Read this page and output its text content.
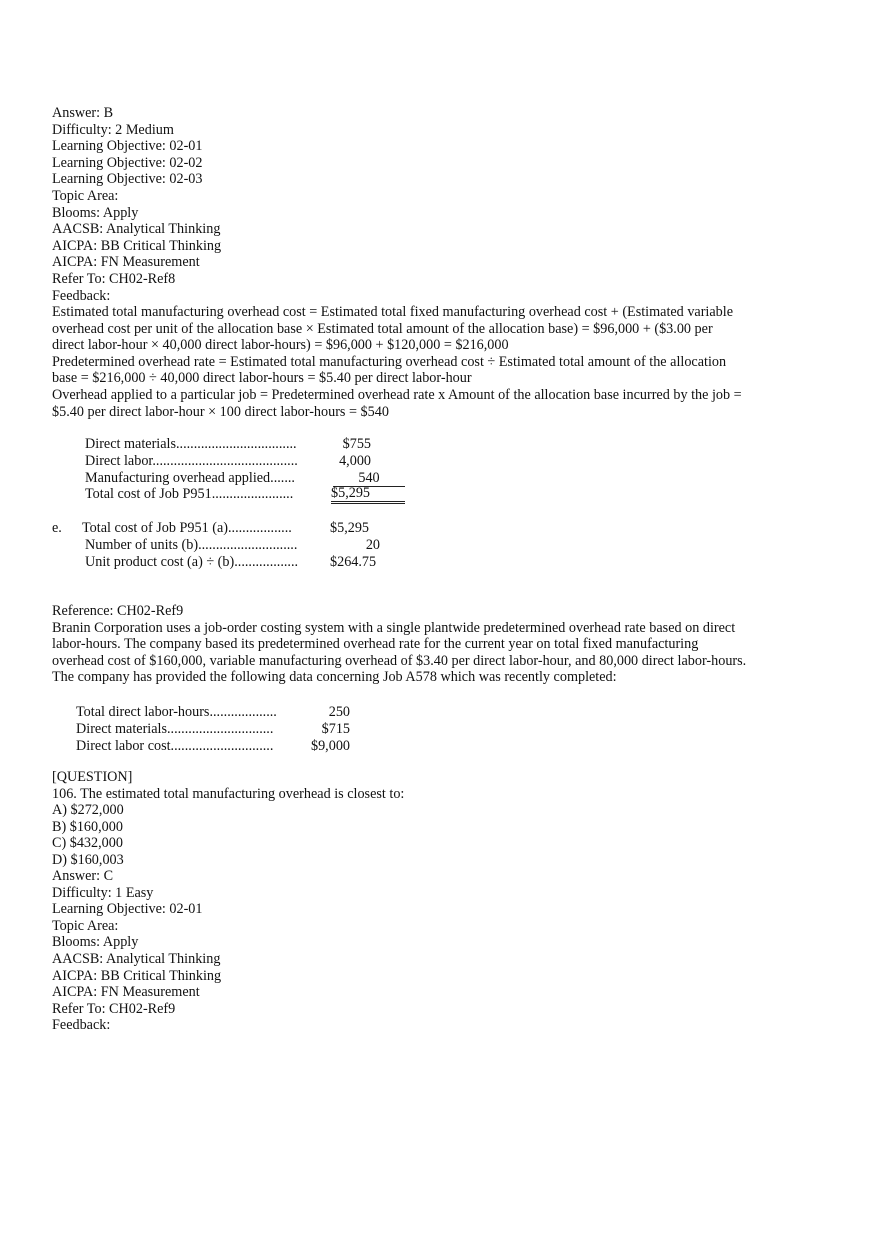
Answer: B
Difficulty: 2 Medium
Learning Objective: 02-01
Learning Objective: 02-02
Learning Objective: 02-03
Topic Area:
Blooms: Apply
AACSB: Analytical Thinking
AICPA: BB Critical Thinking
AICPA: FN Measurement
Refer To: CH02-Ref8
Feedback:
Estimated total manufacturing overhead cost = Estimated total fixed manufacturing overhead cost + (Estimated variable
overhead cost per unit of the allocation base × Estimated total amount of the allocation base) = $96,000 + ($3.00 per
direct labor-hour × 40,000 direct labor-hours) = $96,000 + $120,000 = $216,000
Predetermined overhead rate = Estimated total manufacturing overhead cost ÷ Estimated total amount of the allocation
base = $216,000 ÷ 40,000 direct labor-hours = $5.40 per direct labor-hour
Overhead applied to a particular job = Predetermined overhead rate x Amount of the allocation base incurred by the job =
$5.40 per direct labor-hour × 100 direct labor-hours = $540
Direct materials..................................	$755
Direct labor.........................................	4,000
Manufacturing overhead applied.......	540
Total cost of Job P951.......................	$5,295
e. Total cost of Job P951 (a)..................	$5,295
Number of units (b)............................	20
Unit product cost (a) ÷ (b).................. $264.75
Reference: CH02-Ref9
Branin Corporation uses a job-order costing system with a single plantwide predetermined overhead rate based on direct
labor-hours. The company based its predetermined overhead rate for the current year on total fixed manufacturing
overhead cost of $160,000, variable manufacturing overhead of $3.40 per direct labor-hour, and 80,000 direct labor-hours.
The company has provided the following data concerning Job A578 which was recently completed:
Total direct labor-hours...................	250
Direct materials..............................	$715
Direct labor cost.............................	$9,000
[QUESTION]
106. The estimated total manufacturing overhead is closest to:
A) $272,000
B) $160,000
C) $432,000
D) $160,003
Answer: C
Difficulty: 1 Easy
Learning Objective: 02-01
Topic Area:
Blooms: Apply
AACSB: Analytical Thinking
AICPA: BB Critical Thinking
AICPA: FN Measurement
Refer To: CH02-Ref9
Feedback:
